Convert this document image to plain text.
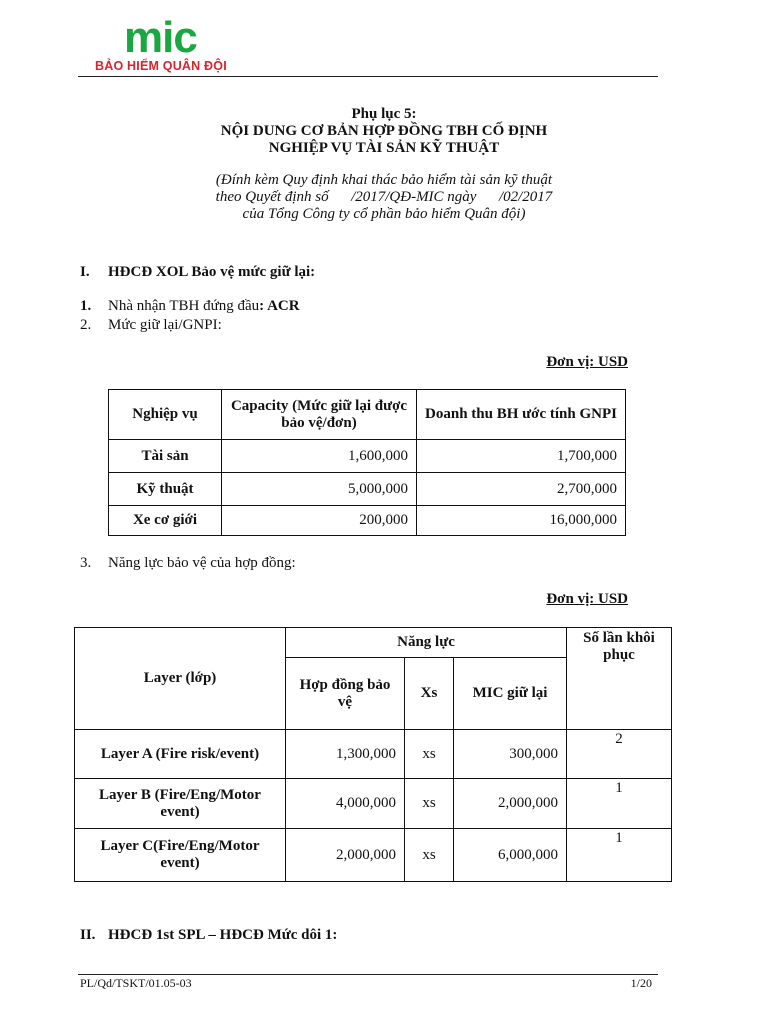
mic
BẢO HIỂM QUÂN ĐỘI
Phụ lục 5:
NỘI DUNG CƠ BẢN HỢP ĐỒNG TBH CỐ ĐỊNH
NGHIỆP VỤ TÀI SẢN KỸ THUẬT
(Đính kèm Quy định khai thác bảo hiểm tài sản kỹ thuật
theo Quyết định số      /2017/QĐ-MIC ngày      /02/2017
của Tổng Công ty cổ phần bảo hiểm Quân đội)
I. HĐCĐ XOL Bảo vệ mức giữ lại:
1. Nhà nhận TBH đứng đầu: ACR
2. Mức giữ lại/GNPI:
Đơn vị: USD
Nghiệp vụ	Capacity (Mức giữ lại được bảo vệ/đơn)	Doanh thu BH ước tính GNPI
Tài sản	1,600,000	1,700,000
Kỹ thuật	5,000,000	2,700,000
Xe cơ giới	200,000	16,000,000
3. Năng lực bảo vệ của hợp đồng:
Đơn vị: USD
Layer (lớp)	Năng lực			Số lần khôi phục
	Hợp đồng bảo vệ	Xs	MIC giữ lại	
Layer A (Fire risk/event)	1,300,000	xs	300,000	2
Layer B (Fire/Eng/Motor event)	4,000,000	xs	2,000,000	1
Layer C(Fire/Eng/Motor event)	2,000,000	xs	6,000,000	1
II. HĐCĐ 1st SPL – HĐCĐ Mức dôi 1:
PL/Qd/TSKT/01.05-03	1/20
